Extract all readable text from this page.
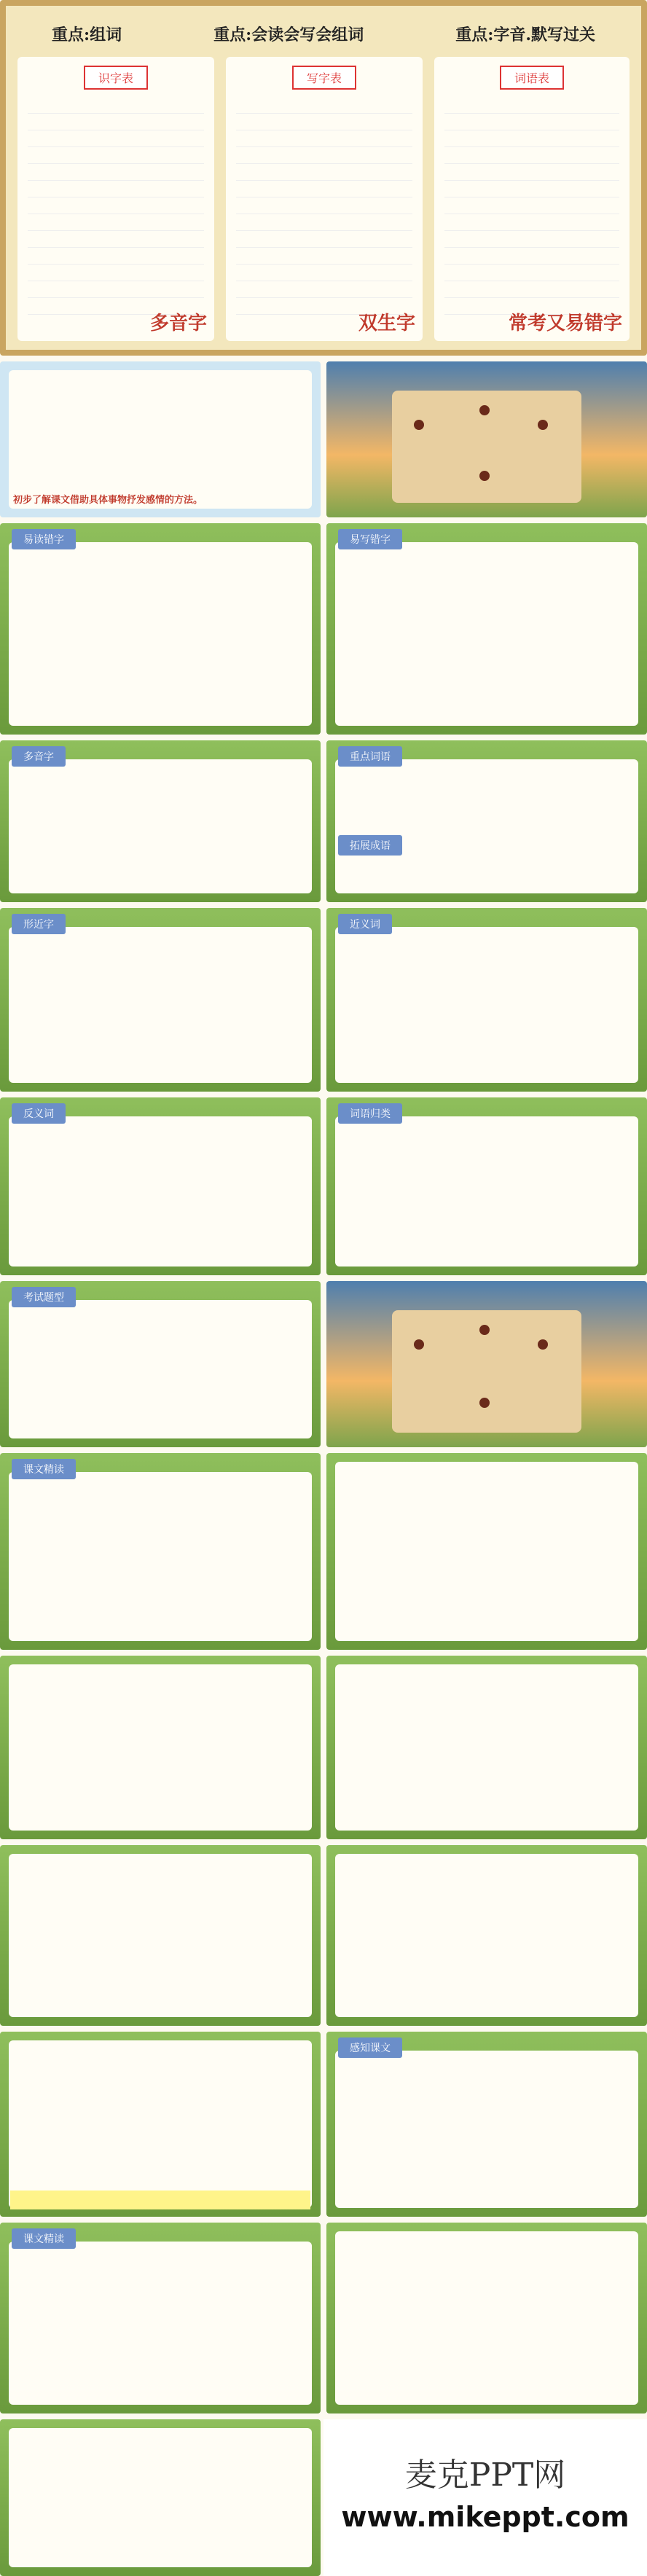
重点:组词	重点:会读会写会组词	重点:字音.默写过关
识字表
多音字
写字表
双生字
词语表
常考又易错字
初步了解课文借助具体事物抒发感情的方法。
易读错字	易写错字
多音字	重点词语
拓展成语
形近字	近义词
反义词	词语归类
考试题型
课文精读
感知课文
课文精读
麦克PPT网
www.mikeppt.com
